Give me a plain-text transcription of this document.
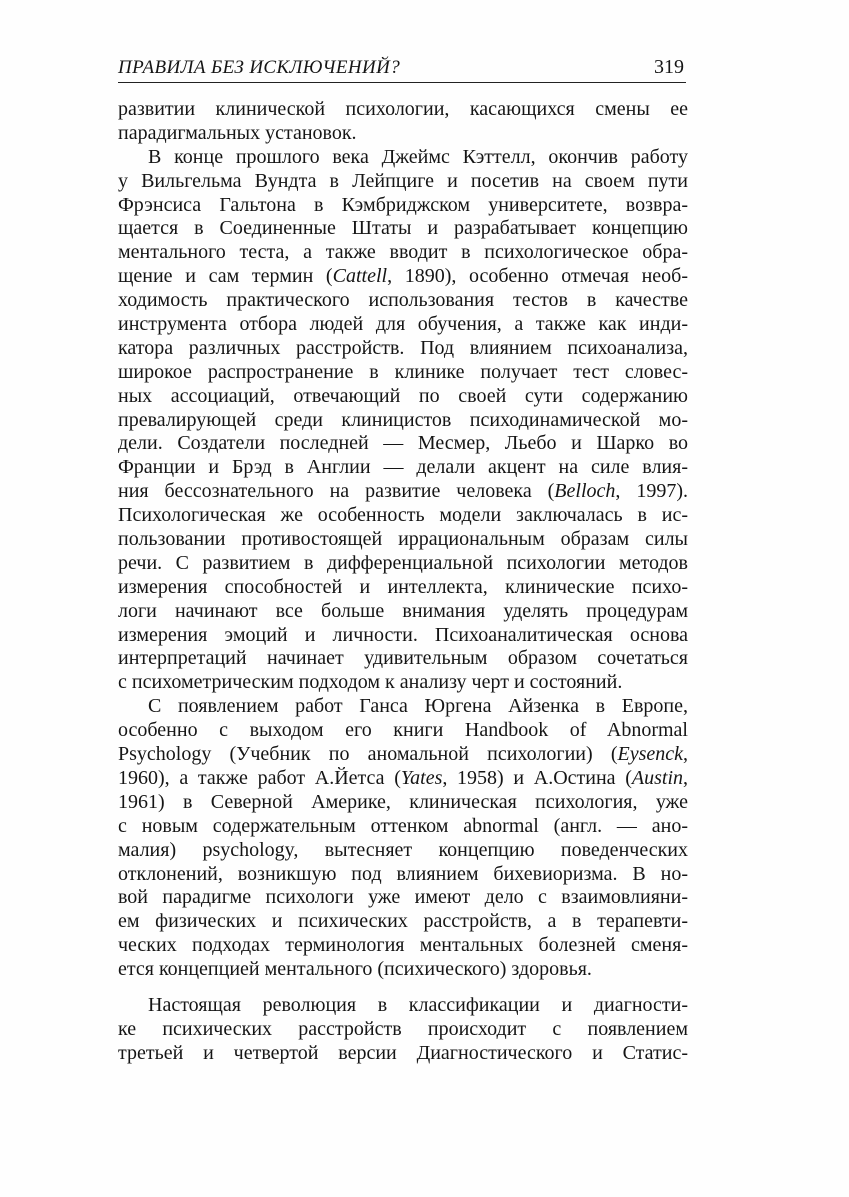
ПРАВИЛА БЕЗ ИСКЛЮЧЕНИЙ?	319
развитии клинической психологии, касающихся смены ее
парадигмальных установок.
В конце прошлого века Джеймс Кэттелл, окончив работу
у Вильгельма Вундта в Лейпциге и посетив на своем пути
Фрэнсиса Гальтона в Кэмбриджском университете, возвра-
щается в Соединенные Штаты и разрабатывает концепцию
ментального теста, а также вводит в психологическое обра-
щение и сам термин (Cattell, 1890), особенно отмечая необ-
ходимость практического использования тестов в качестве
инструмента отбора людей для обучения, а также как инди-
катора различных расстройств. Под влиянием психоанализа,
широкое распространение в клинике получает тест словес-
ных ассоциаций, отвечающий по своей сути содержанию
превалирующей среди клиницистов психодинамической мо-
дели. Создатели последней — Месмер, Льебо и Шарко во
Франции и Брэд в Англии — делали акцент на силе влия-
ния бессознательного на развитие человека (Belloch, 1997).
Психологическая же особенность модели заключалась в ис-
пользовании противостоящей иррациональным образам силы
речи. С развитием в дифференциальной психологии методов
измерения способностей и интеллекта, клинические психо-
логи начинают все больше внимания уделять процедурам
измерения эмоций и личности. Психоаналитическая основа
интерпретаций начинает удивительным образом сочетаться
с психометрическим подходом к анализу черт и состояний.
С появлением работ Ганса Юргена Айзенка в Европе,
особенно с выходом его книги Handbook of Abnormal
Psychology (Учебник по аномальной психологии) (Eysenck,
1960), а также работ А.Йетса (Yates, 1958) и А.Остина (Austin,
1961) в Северной Америке, клиническая психология, уже
с новым содержательным оттенком abnormal (англ. — ано-
малия) psychology, вытесняет концепцию поведенческих
отклонений, возникшую под влиянием бихевиоризма. В но-
вой парадигме психологи уже имеют дело с взаимовлияни-
ем физических и психических расстройств, а в терапевти-
ческих подходах терминология ментальных болезней сменя-
ется концепцией ментального (психического) здоровья.
Настоящая революция в классификации и диагности-
ке психических расстройств происходит с появлением
третьей и четвертой версии Диагностического и Статис-
